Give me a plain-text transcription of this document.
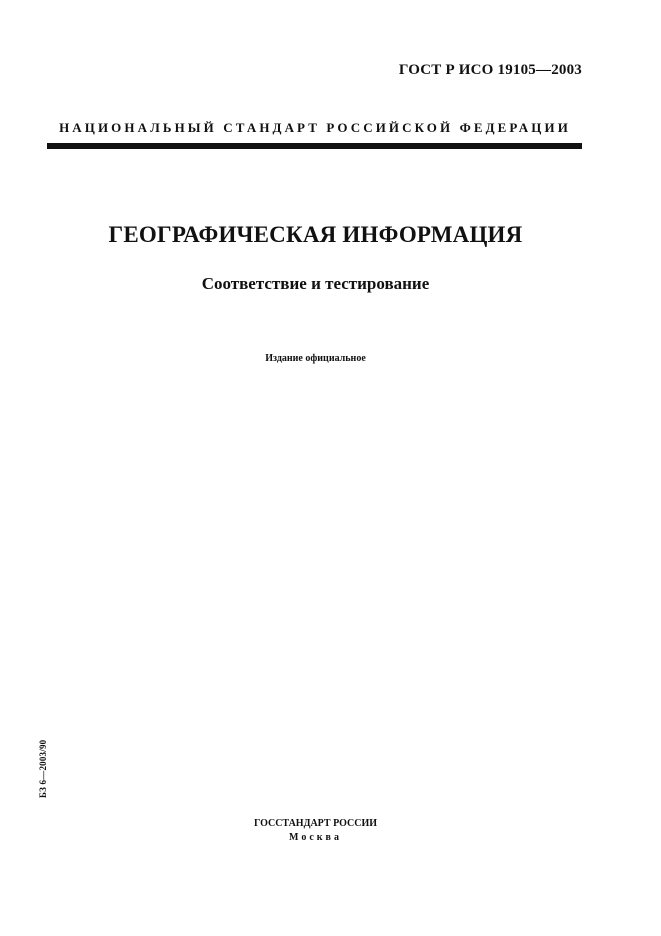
ГОСТ Р ИСО 19105—2003
НАЦИОНАЛЬНЫЙ СТАНДАРТ РОССИЙСКОЙ ФЕДЕРАЦИИ
ГЕОГРАФИЧЕСКАЯ ИНФОРМАЦИЯ
Соответствие и тестирование
Издание официальное
БЗ 6—2003/90
ГОССТАНДАРТ РОССИИ
Москва
